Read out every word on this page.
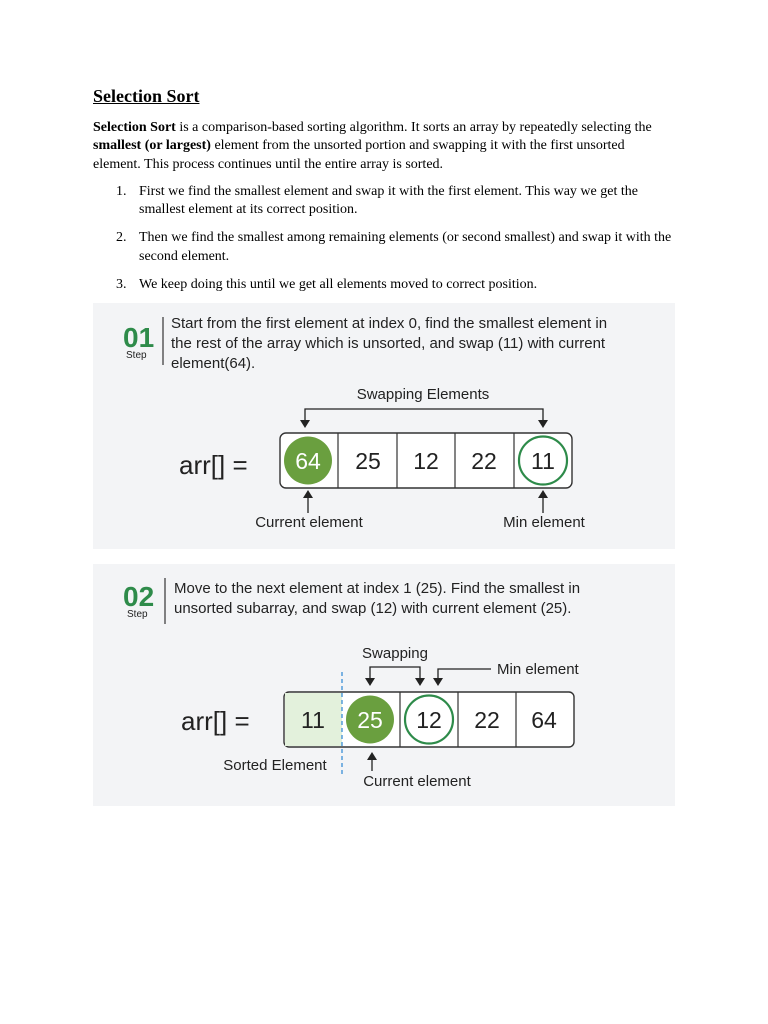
Selection Sort

Selection Sort is a comparison-based sorting algorithm. It sorts an array by repeatedly selecting the smallest (or largest) element from the unsorted portion and swapping it with the first unsorted element. This process continues until the entire array is sorted.

1. First we find the smallest element and swap it with the first element. This way we get the smallest element at its correct position.
2. Then we find the smallest among remaining elements (or second smallest) and swap it with the second element.
3. We keep doing this until we get all elements moved to correct position.
01
Step
Start from the first element at index 0, find the smallest element in
the rest of the array which is unsorted, and swap (11) with current
element(64).
Swapping Elements
arr[] = 64 25 12 22 11
Current element	Min element
02
Step
Move to the next element at index 1 (25). Find the smallest in
unsorted subarray, and swap (12) with current element (25).
Swapping
Min element
arr[] = 11 25 12 22 64
Sorted Element
Current element
